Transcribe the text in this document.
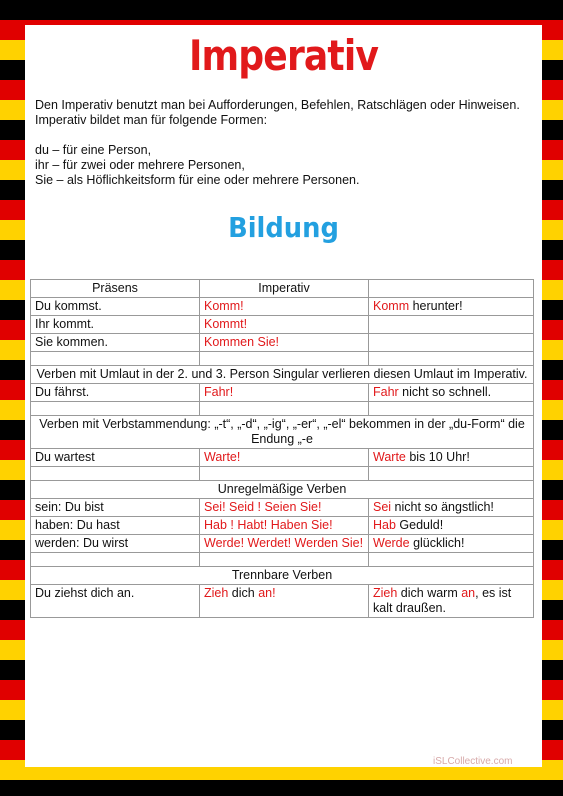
Imperativ
Den Imperativ benutzt man bei Aufforderungen, Befehlen, Ratschlägen oder Hinweisen.
Imperativ bildet man für folgende Formen:
du – für eine Person,
ihr – für zwei oder mehrere Personen,
Sie – als Höflichkeitsform für eine oder mehrere Personen.
Bildung
Präsens	Imperativ	
Du kommst.	Komm!	Komm herunter!
Ihr kommt.	Kommt!	
Sie kommen.	Kommen Sie!	

Verben mit Umlaut in der 2. und 3. Person Singular verlieren diesen Umlaut im Imperativ.		
Du fährst.	Fahr!	Fahr nicht so schnell.

Verben mit Verbstammendung: „-t“, „-d“, „-ig“, „-er“, „-el“ bekommen in der „du-Form“ die Endung „-e		
Du wartest	Warte!	Warte bis 10 Uhr!

Unregelmäßige Verben		
sein: Du bist	Sei! Seid ! Seien Sie!	Sei nicht so ängstlich!
haben: Du hast	Hab ! Habt! Haben Sie!	Hab Geduld!
werden: Du wirst	Werde! Werdet! Werden Sie!	Werde glücklich!

Trennbare Verben		
Du ziehst dich an.	Zieh dich an!	Zieh dich warm an, es ist kalt draußen.
iSLCollective.com
